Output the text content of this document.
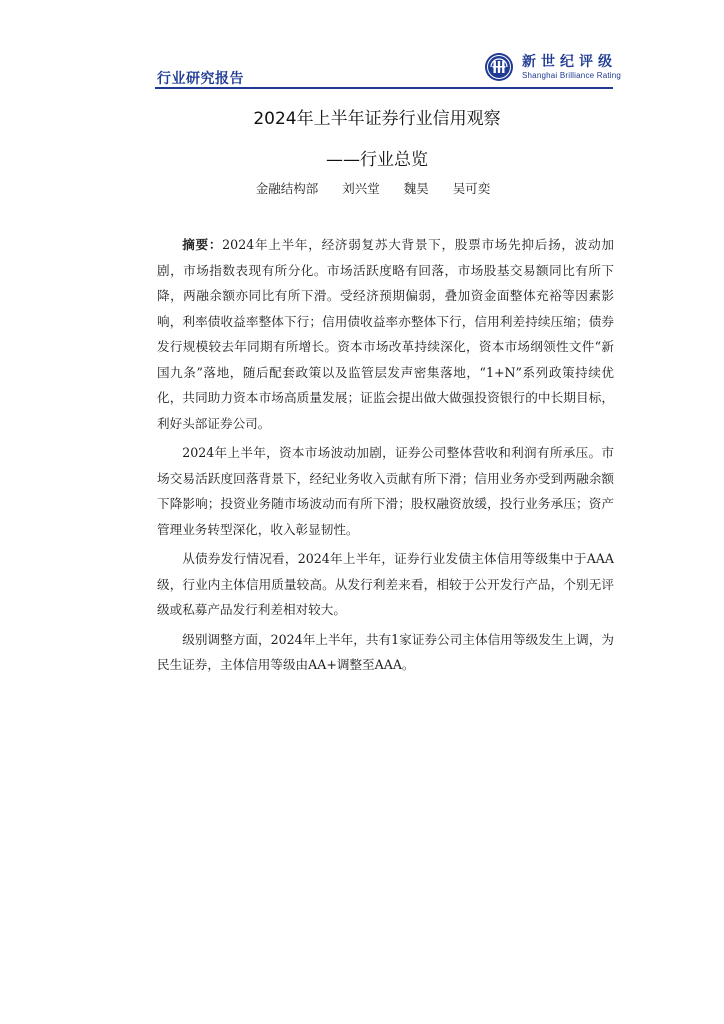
行业研究报告
新世纪评级
Shanghai Brilliance Rating
2024年上半年证券行业信用观察
——行业总览
金融结构部 刘兴堂 魏昊 吴可奕

摘要：2024年上半年，经济弱复苏大背景下，股票市场先抑后扬，波动加剧，市场指数表现有所分化。市场活跃度略有回落，市场股基交易额同比有所下降，两融余额亦同比有所下滑。受经济预期偏弱，叠加资金面整体充裕等因素影响，利率债收益率整体下行；信用债收益率亦整体下行，信用利差持续压缩；债券发行规模较去年同期有所增长。资本市场改革持续深化，资本市场纲领性文件“新国九条”落地，随后配套政策以及监管层发声密集落地，“1+N”系列政策持续优化，共同助力资本市场高质量发展；证监会提出做大做强投资银行的中长期目标，利好头部证券公司。

2024年上半年，资本市场波动加剧，证券公司整体营收和利润有所承压。市场交易活跃度回落背景下，经纪业务收入贡献有所下滑；信用业务亦受到两融余额下降影响；投资业务随市场波动而有所下滑；股权融资放缓，投行业务承压；资产管理业务转型深化，收入彰显韧性。

从债券发行情况看，2024年上半年，证券行业发债主体信用等级集中于AAA级，行业内主体信用质量较高。从发行利差来看，相较于公开发行产品，个别无评级或私募产品发行利差相对较大。

级别调整方面，2024年上半年，共有1家证券公司主体信用等级发生上调，为民生证券，主体信用等级由AA+调整至AAA。
